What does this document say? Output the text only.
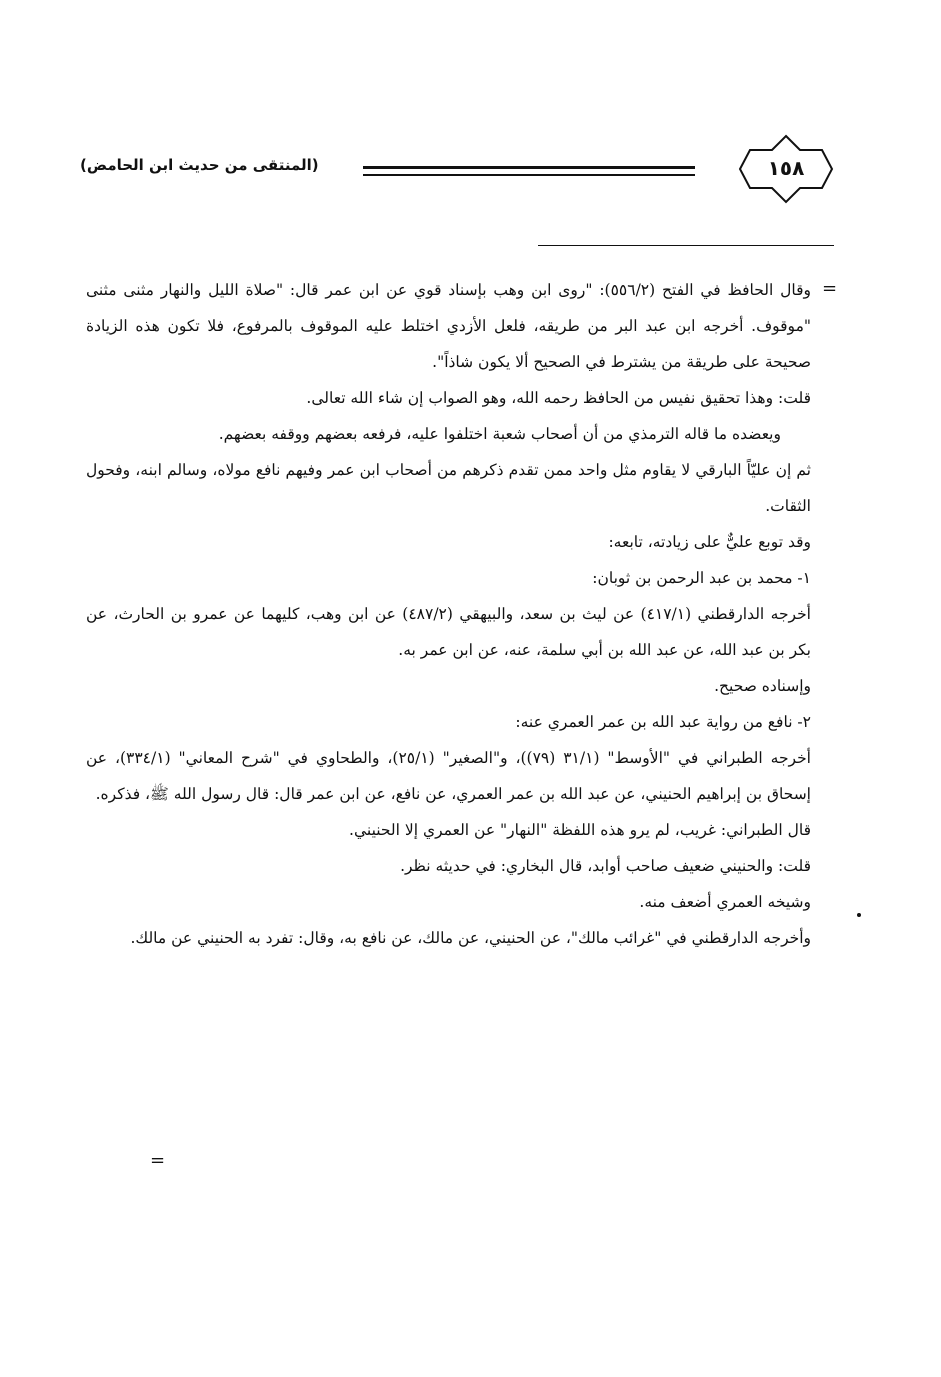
(المنتقى من حديث ابن الحامض)	١٥٨
=

وقال الحافظ في الفتح (٥٥٦/٢): "روى ابن وهب بإسناد قوي عن ابن عمر قال: "صلاة الليل والنهار مثنى مثنى "موقوف. أخرجه ابن عبد البر من طريقه، فلعل الأزدي اختلط عليه الموقوف بالمرفوع، فلا تكون هذه الزيادة صحيحة على طريقة من يشترط في الصحيح ألا يكون شاذاً".

قلت: وهذا تحقيق نفيس من الحافظ رحمه الله، وهو الصواب إن شاء الله تعالى.

ويعضده ما قاله الترمذي من أن أصحاب شعبة اختلفوا عليه، فرفعه بعضهم ووقفه بعضهم.

ثم إن عليّاً البارقي لا يقاوم مثل واحد ممن تقدم ذكرهم من أصحاب ابن عمر وفيهم نافع مولاه، وسالم ابنه، وفحول الثقات.

وقد توبع عليٌّ على زيادته، تابعه:

١- محمد بن عبد الرحمن بن ثوبان:

أخرجه الدارقطني (٤١٧/١) عن ليث بن سعد، والبيهقي (٤٨٧/٢) عن ابن وهب، كليهما عن عمرو بن الحارث، عن بكر بن عبد الله، عن عبد الله بن أبي سلمة، عنه، عن ابن عمر به.

وإسناده صحيح.

٢- نافع من رواية عبد الله بن عمر العمري عنه:

أخرجه الطبراني في "الأوسط" (٣١/١ (٧٩))، و"الصغير" (٢٥/١)، والطحاوي في "شرح المعاني" (٣٣٤/١)، عن إسحاق بن إبراهيم الحنيني، عن عبد الله بن عمر العمري، عن نافع، عن ابن عمر قال: قال رسول الله ﷺ، فذكره.

قال الطبراني: غريب، لم يرو هذه اللفظة "النهار" عن العمري إلا الحنيني.

قلت: والحنيني ضعيف صاحب أوابد، قال البخاري: في حديثه نظر.

وشيخه العمري أضعف منه.

وأخرجه الدارقطني في "غرائب مالك"، عن الحنيني، عن مالك، عن نافع به، وقال: تفرد به الحنيني عن مالك.

=
